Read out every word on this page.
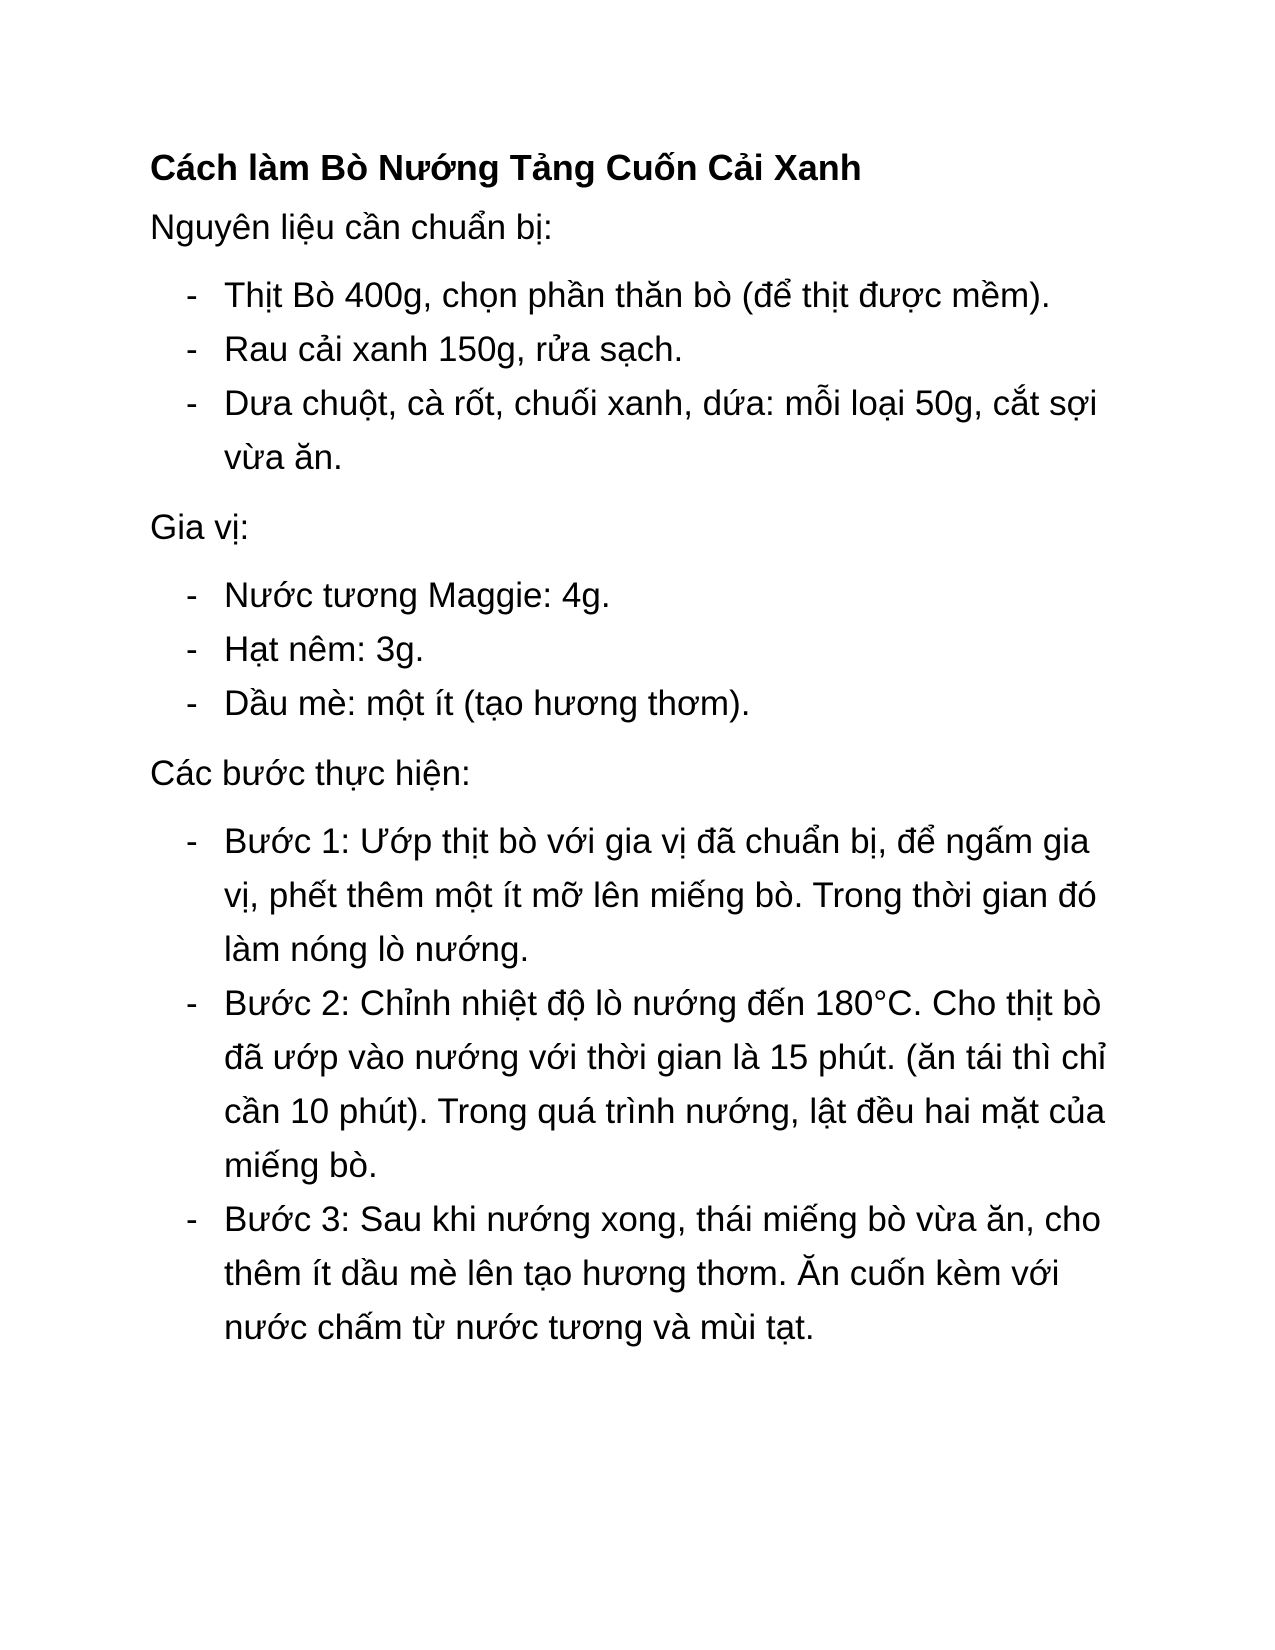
Cách làm Bò Nướng Tảng Cuốn Cải Xanh
Nguyên liệu cần chuẩn bị:
- Thịt Bò 400g, chọn phần thăn bò (để thịt được mềm).
- Rau cải xanh 150g, rửa sạch.
- Dưa chuột, cà rốt, chuối xanh, dứa: mỗi loại 50g, cắt sợi vừa ăn.
Gia vị:
- Nước tương Maggie: 4g.
- Hạt nêm: 3g.
- Dầu mè: một ít (tạo hương thơm).
Các bước thực hiện:
- Bước 1: Ướp thịt bò với gia vị đã chuẩn bị, để ngấm gia vị, phết thêm một ít mỡ lên miếng bò. Trong thời gian đó làm nóng lò nướng.
- Bước 2: Chỉnh nhiệt độ lò nướng đến 180°C. Cho thịt bò đã ướp vào nướng với thời gian là 15 phút. (ăn tái thì chỉ cần 10 phút). Trong quá trình nướng, lật đều hai mặt của miếng bò.
- Bước 3: Sau khi nướng xong, thái miếng bò vừa ăn, cho thêm ít dầu mè lên tạo hương thơm. Ăn cuốn kèm với nước chấm từ nước tương và mùi tạt.
